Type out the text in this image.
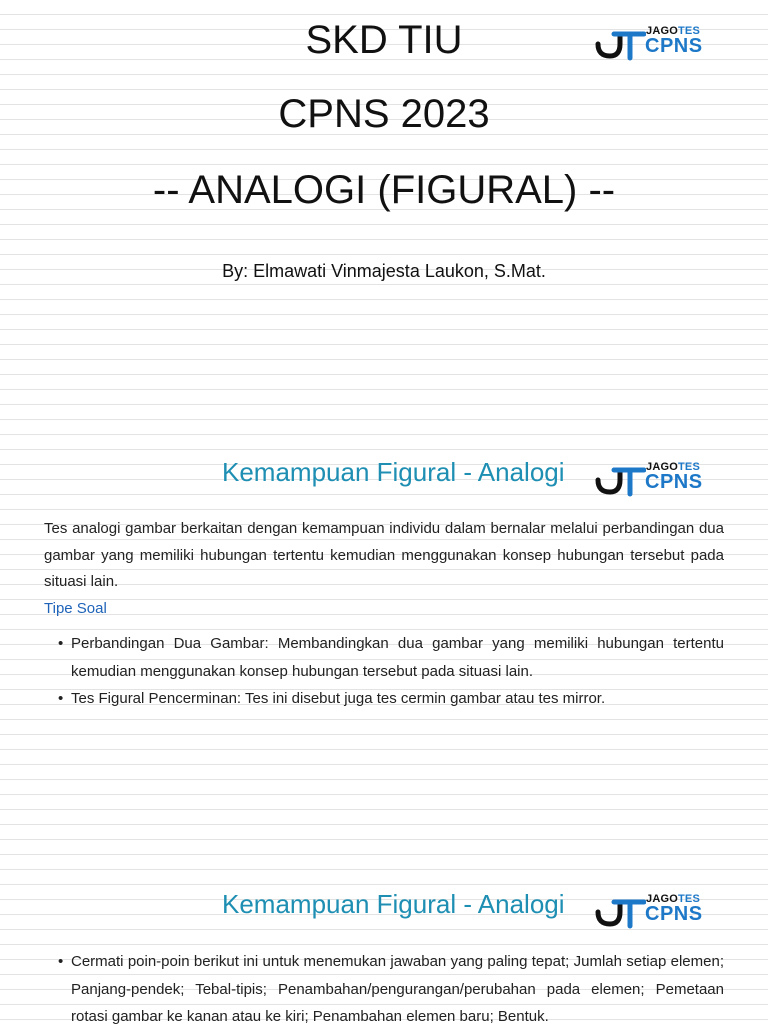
SKD TIU
CPNS 2023
-- ANALOGI (FIGURAL) --
By: Elmawati Vinmajesta Laukon, S.Mat.
JAGOTES
CPNS
Kemampuan Figural - Analogi	JAGOTES
CPNS
Tes analogi gambar berkaitan dengan kemampuan individu dalam bernalar melalui perbandingan dua gambar yang memiliki hubungan tertentu kemudian menggunakan konsep hubungan tersebut pada situasi lain.
Tipe Soal
• Perbandingan Dua Gambar: Membandingkan dua gambar yang memiliki hubungan tertentu kemudian menggunakan konsep hubungan tersebut pada situasi lain.
• Tes Figural Pencerminan: Tes ini disebut juga tes cermin gambar atau tes mirror.
Kemampuan Figural - Analogi	JAGOTES
CPNS
• Cermati poin-poin berikut ini untuk menemukan jawaban yang paling tepat; Jumlah setiap elemen; Panjang-pendek; Tebal-tipis; Penambahan/pengurangan/perubahan pada elemen; Pemetaan rotasi gambar ke kanan atau ke kiri; Penambahan elemen baru; Bentuk.
